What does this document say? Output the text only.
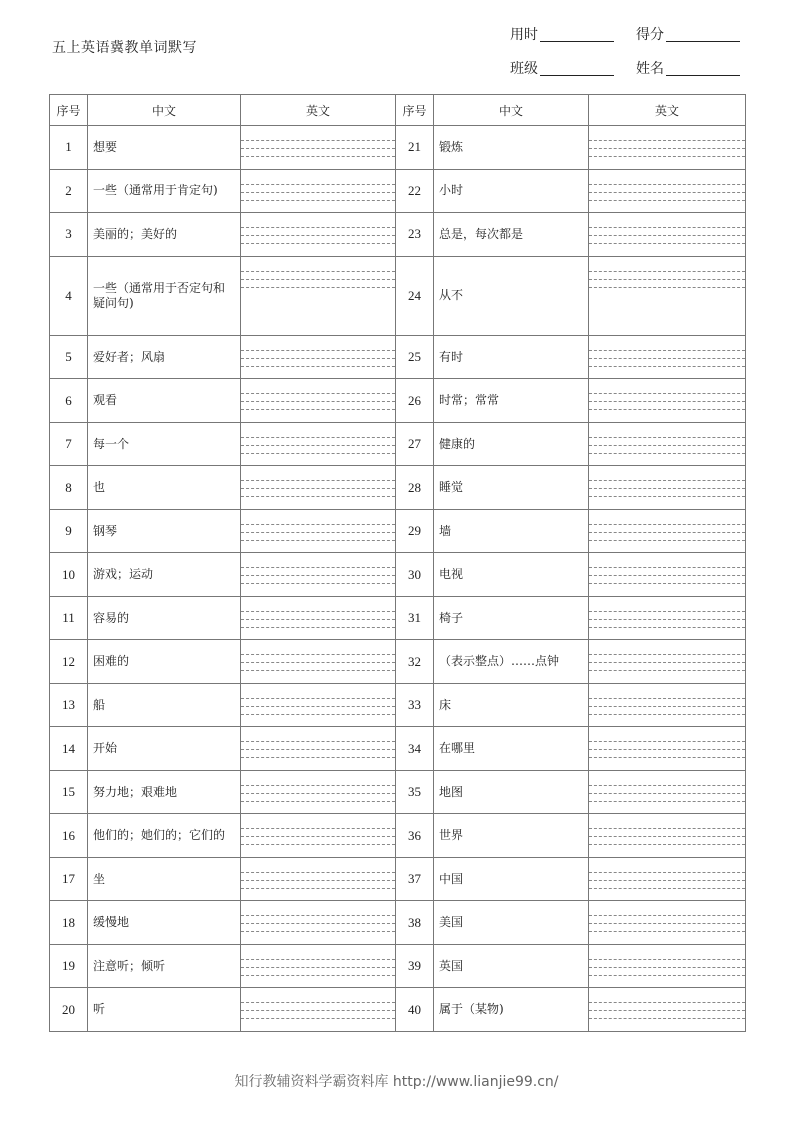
五上英语冀教单词默写
用时	得分
班级	姓名
序号	中文	英文	序号	中文	英文
1	想要		21	锻炼	

2	一些（通常用于肯定句)		22	小时	

3	美丽的；美好的		23	总是，每次都是	

4	一些（通常用于否定句和疑问句)		24	从不	

5	爱好者；风扇		25	有时	

6	观看		26	时常；常常	

7	每一个		27	健康的	

8	也		28	睡觉	

9	钢琴		29	墙	

10	游戏；运动		30	电视	

11	容易的		31	椅子	

12	困难的		32	（表示整点）……点钟	

13	船		33	床	

14	开始		34	在哪里	

15	努力地；艰难地		35	地图	

16	他们的；她们的；它们的		36	世界	

17	坐		37	中国	

18	缓慢地		38	美国	

19	注意听；倾听		39	英国	

20	听		40	属于（某物)	
知行教辅资料学霸资料库 http://www.lianjie99.cn/
